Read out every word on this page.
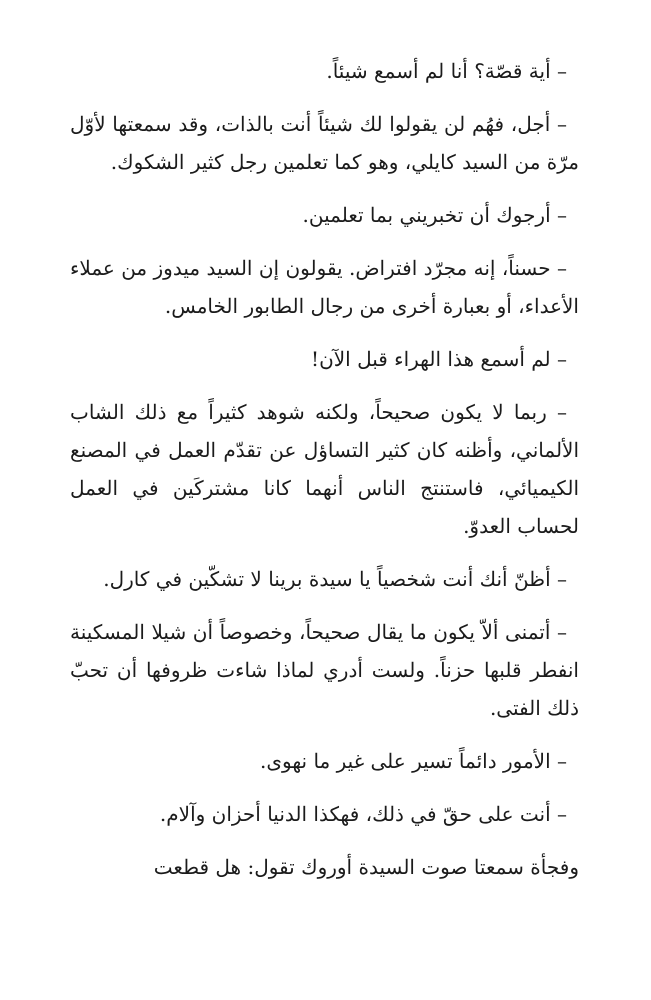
– أية قصّة؟ أنا لم أسمع شيئاً.

– أجل، فهُم لن يقولوا لك شيئاً أنت بالذات، وقد سمعتها لأوّل مرّة من السيد كايلي، وهو كما تعلمين رجل كثير الشكوك.

– أرجوك أن تخبريني بما تعلمين.

– حسناً، إنه مجرّد افتراض. يقولون إن السيد ميدوز من عملاء الأعداء، أو بعبارة أخرى من رجال الطابور الخامس.

– لم أسمع هذا الهراء قبل الآن!

– ربما لا يكون صحيحاً، ولكنه شوهد كثيراً مع ذلك الشاب الألماني، وأظنه كان كثير التساؤل عن تقدّم العمل في المصنع الكيميائي، فاستنتج الناس أنهما كانا مشتركَين في العمل لحساب العدوّ.

– أظنّ أنك أنت شخصياً يا سيدة برينا لا تشكّين في كارل.

– أتمنى ألاّ يكون ما يقال صحيحاً، وخصوصاً أن شيلا المسكينة انفطر قلبها حزناً. ولست أدري لماذا شاءت ظروفها أن تحبّ ذلك الفتى.

– الأمور دائماً تسير على غير ما نهوى.

– أنت على حقّ في ذلك، فهكذا الدنيا أحزان وآلام.

وفجأة سمعتا صوت السيدة أوروك تقول: هل قطعت
